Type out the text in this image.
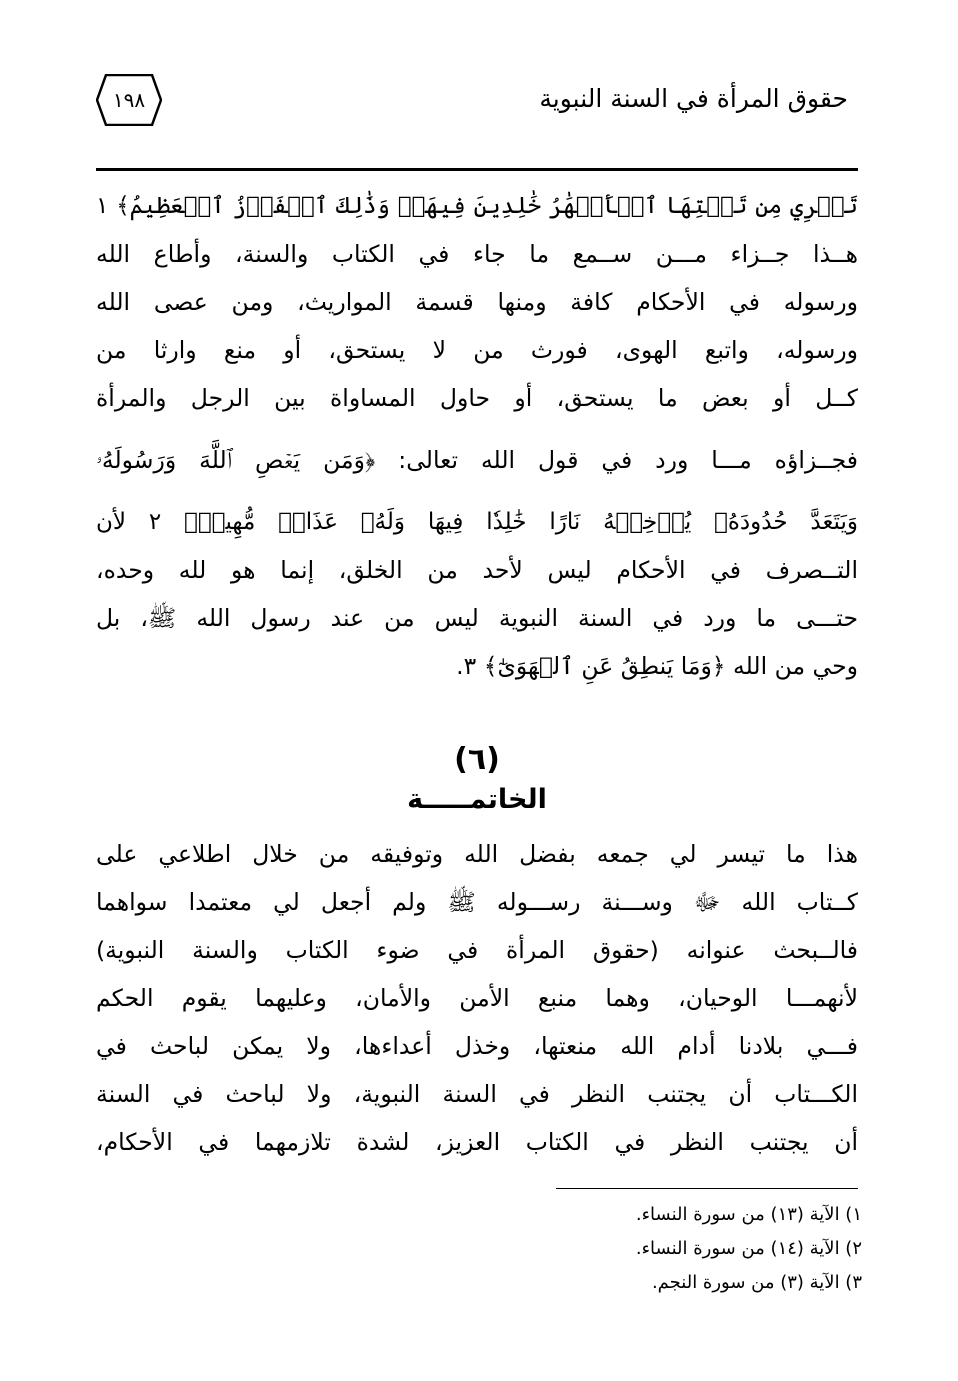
حقوق المرأة في السنة النبوية
١٩٨
تَجۡرِي مِن تَحۡتِهَا ٱلۡأَنۡهَٰرُ خَٰلِدِينَ فِيهَاۚ وَذَٰلِكَ ٱلۡفَوۡزُ ٱلۡعَظِيمُ﴾ ١
هــذا جــزاء مـــن ســمع ما جاء في الكتاب والسنة، وأطاع الله
ورسوله في الأحكام كافة ومنها قسمة المواريث، ومن عصى الله
ورسوله، واتبع الهوى، فورث من لا يستحق، أو منع وارثا من
كــل أو بعض ما يستحق، أو حاول المساواة بين الرجل والمرأة
فجــزاؤه مـــا ورد في قول الله تعالى: ﴿وَمَن يَعۡصِ ٱللَّهَ وَرَسُولَهُۥ
وَيَتَعَدَّ حُدُودَهُۥ يُدۡخِلۡهُ نَارًا خَٰلِدٗا فِيهَا وَلَهُۥ عَذَابٞ مُّهِينٞ﴾ ٢ لأن
التــصرف في الأحكام ليس لأحد من الخلق، إنما هو لله وحده،
حتـــى ما ورد في السنة النبوية ليس من عند رسول الله ﷺ، بل
وحي من الله ﴿وَمَا يَنطِقُ عَنِ ٱلۡهَوَىٰٓ﴾ ٣.
(٦)
الخاتمـــــة
هذا ما تيسر لي جمعه بفضل الله وتوفيقه من خلال اطلاعي على
كــتاب الله ﷻ وســـنة رســـوله ﷺ ولم أجعل لي معتمدا سواهما
فالــبحث عنوانه (حقوق المرأة في ضوء الكتاب والسنة النبوية)
لأنهمـــا الوحيان، وهما منبع الأمن والأمان، وعليهما يقوم الحكم
فـــي بلادنا أدام الله منعتها، وخذل أعداءها، ولا يمكن لباحث في
الكـــتاب أن يجتنب النظر في السنة النبوية، ولا لباحث في السنة
أن يجتنب النظر في الكتاب العزيز، لشدة تلازمهما في الأحكام،
١) الآية (١٣) من سورة النساء.
٢) الآية (١٤) من سورة النساء.
٣) الآية (٣) من سورة النجم.
